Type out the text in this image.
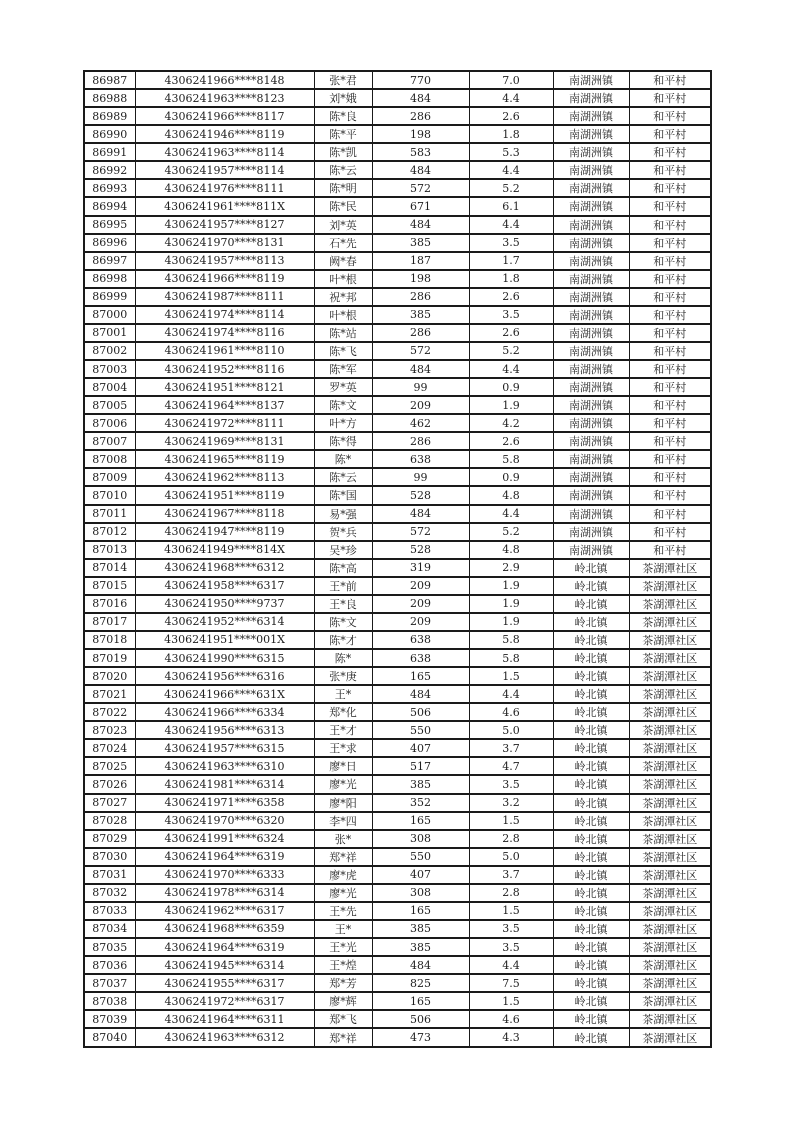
86987	4306241966****8148	张*君	770	7.0	南湖洲镇	和平村
86988	4306241963****8123	刘*娥	484	4.4	南湖洲镇	和平村
86989	4306241966****8117	陈*良	286	2.6	南湖洲镇	和平村
86990	4306241946****8119	陈*平	198	1.8	南湖洲镇	和平村
86991	4306241963****8114	陈*凯	583	5.3	南湖洲镇	和平村
86992	4306241957****8114	陈*云	484	4.4	南湖洲镇	和平村
86993	4306241976****8111	陈*明	572	5.2	南湖洲镇	和平村
86994	4306241961****811X	陈*民	671	6.1	南湖洲镇	和平村
86995	4306241957****8127	刘*英	484	4.4	南湖洲镇	和平村
86996	4306241970****8131	石*先	385	3.5	南湖洲镇	和平村
86997	4306241957****8113	阙*春	187	1.7	南湖洲镇	和平村
86998	4306241966****8119	叶*根	198	1.8	南湖洲镇	和平村
86999	4306241987****8111	祝*邦	286	2.6	南湖洲镇	和平村
87000	4306241974****8114	叶*根	385	3.5	南湖洲镇	和平村
87001	4306241974****8116	陈*站	286	2.6	南湖洲镇	和平村
87002	4306241961****8110	陈*飞	572	5.2	南湖洲镇	和平村
87003	4306241952****8116	陈*军	484	4.4	南湖洲镇	和平村
87004	4306241951****8121	罗*英	99	0.9	南湖洲镇	和平村
87005	4306241964****8137	陈*文	209	1.9	南湖洲镇	和平村
87006	4306241972****8111	叶*方	462	4.2	南湖洲镇	和平村
87007	4306241969****8131	陈*得	286	2.6	南湖洲镇	和平村
87008	4306241965****8119	陈*	638	5.8	南湖洲镇	和平村
87009	4306241962****8113	陈*云	99	0.9	南湖洲镇	和平村
87010	4306241951****8119	陈*国	528	4.8	南湖洲镇	和平村
87011	4306241967****8118	易*强	484	4.4	南湖洲镇	和平村
87012	4306241947****8119	贺*兵	572	5.2	南湖洲镇	和平村
87013	4306241949****814X	吴*珍	528	4.8	南湖洲镇	和平村
87014	4306241968****6312	陈*高	319	2.9	岭北镇	茶湖潭社区
87015	4306241958****6317	王*前	209	1.9	岭北镇	茶湖潭社区
87016	4306241950****9737	王*良	209	1.9	岭北镇	茶湖潭社区
87017	4306241952****6314	陈*文	209	1.9	岭北镇	茶湖潭社区
87018	4306241951****001X	陈*才	638	5.8	岭北镇	茶湖潭社区
87019	4306241990****6315	陈*	638	5.8	岭北镇	茶湖潭社区
87020	4306241956****6316	张*庚	165	1.5	岭北镇	茶湖潭社区
87021	4306241966****631X	王*	484	4.4	岭北镇	茶湖潭社区
87022	4306241966****6334	郑*化	506	4.6	岭北镇	茶湖潭社区
87023	4306241956****6313	王*才	550	5.0	岭北镇	茶湖潭社区
87024	4306241957****6315	王*求	407	3.7	岭北镇	茶湖潭社区
87025	4306241963****6310	廖*日	517	4.7	岭北镇	茶湖潭社区
87026	4306241981****6314	廖*光	385	3.5	岭北镇	茶湖潭社区
87027	4306241971****6358	廖*阳	352	3.2	岭北镇	茶湖潭社区
87028	4306241970****6320	李*四	165	1.5	岭北镇	茶湖潭社区
87029	4306241991****6324	张*	308	2.8	岭北镇	茶湖潭社区
87030	4306241964****6319	郑*祥	550	5.0	岭北镇	茶湖潭社区
87031	4306241970****6333	廖*虎	407	3.7	岭北镇	茶湖潭社区
87032	4306241978****6314	廖*光	308	2.8	岭北镇	茶湖潭社区
87033	4306241962****6317	王*先	165	1.5	岭北镇	茶湖潭社区
87034	4306241968****6359	王*	385	3.5	岭北镇	茶湖潭社区
87035	4306241964****6319	王*光	385	3.5	岭北镇	茶湖潭社区
87036	4306241945****6314	王*煌	484	4.4	岭北镇	茶湖潭社区
87037	4306241955****6317	郑*芳	825	7.5	岭北镇	茶湖潭社区
87038	4306241972****6317	廖*辉	165	1.5	岭北镇	茶湖潭社区
87039	4306241964****6311	郑*飞	506	4.6	岭北镇	茶湖潭社区
87040	4306241963****6312	郑*祥	473	4.3	岭北镇	茶湖潭社区
